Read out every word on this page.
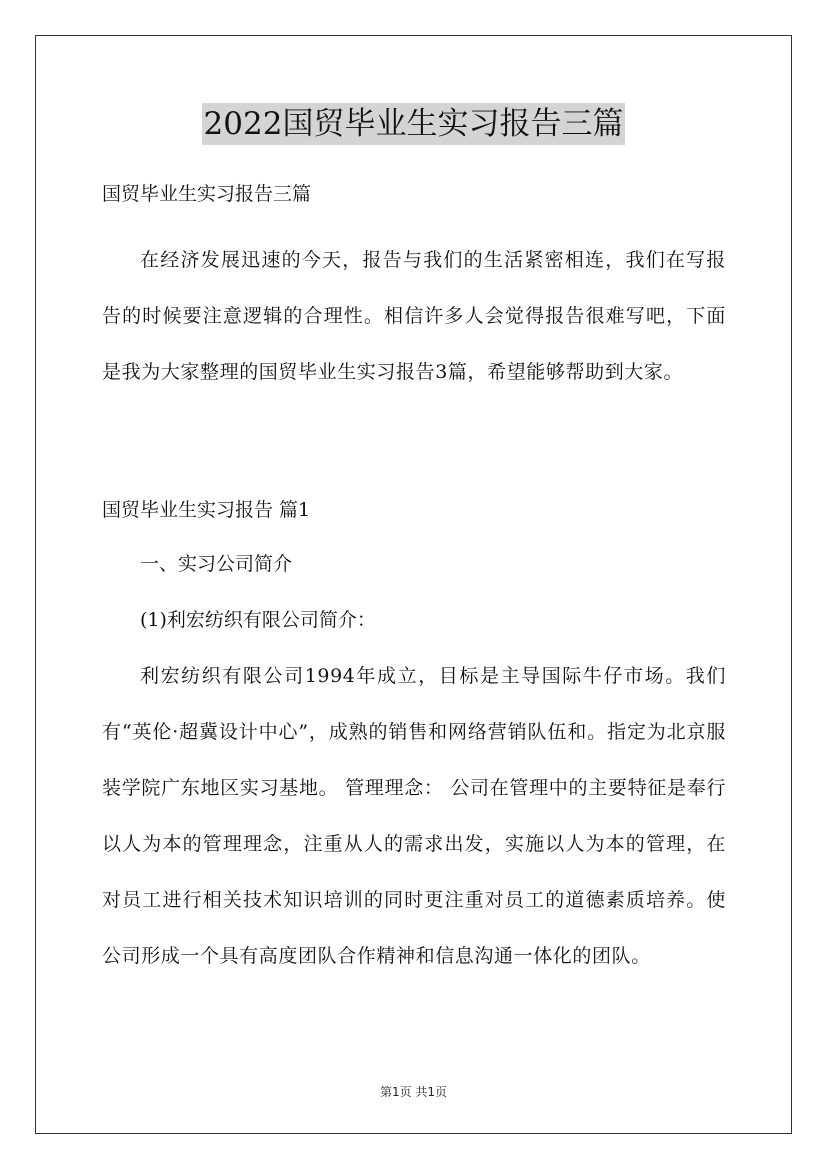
2022国贸毕业生实习报告三篇

国贸毕业生实习报告三篇

在经济发展迅速的今天，报告与我们的生活紧密相连，我们在写报告的时候要注意逻辑的合理性。相信许多人会觉得报告很难写吧，下面是我为大家整理的国贸毕业生实习报告3篇，希望能够帮助到大家。

国贸毕业生实习报告 篇1

一、实习公司简介

(1)利宏纺织有限公司简介：

利宏纺织有限公司1994年成立，目标是主导国际牛仔市场。我们有“英伦·超冀设计中心”，成熟的销售和网络营销队伍和。指定为北京服装学院广东地区实习基地。 管理理念： 公司在管理中的主要特征是奉行以人为本的管理理念，注重从人的需求出发，实施以人为本的管理，在对员工进行相关技术知识培训的同时更注重对员工的道德素质培养。使公司形成一个具有高度团队合作精神和信息沟通一体化的团队。

第1页 共1页
